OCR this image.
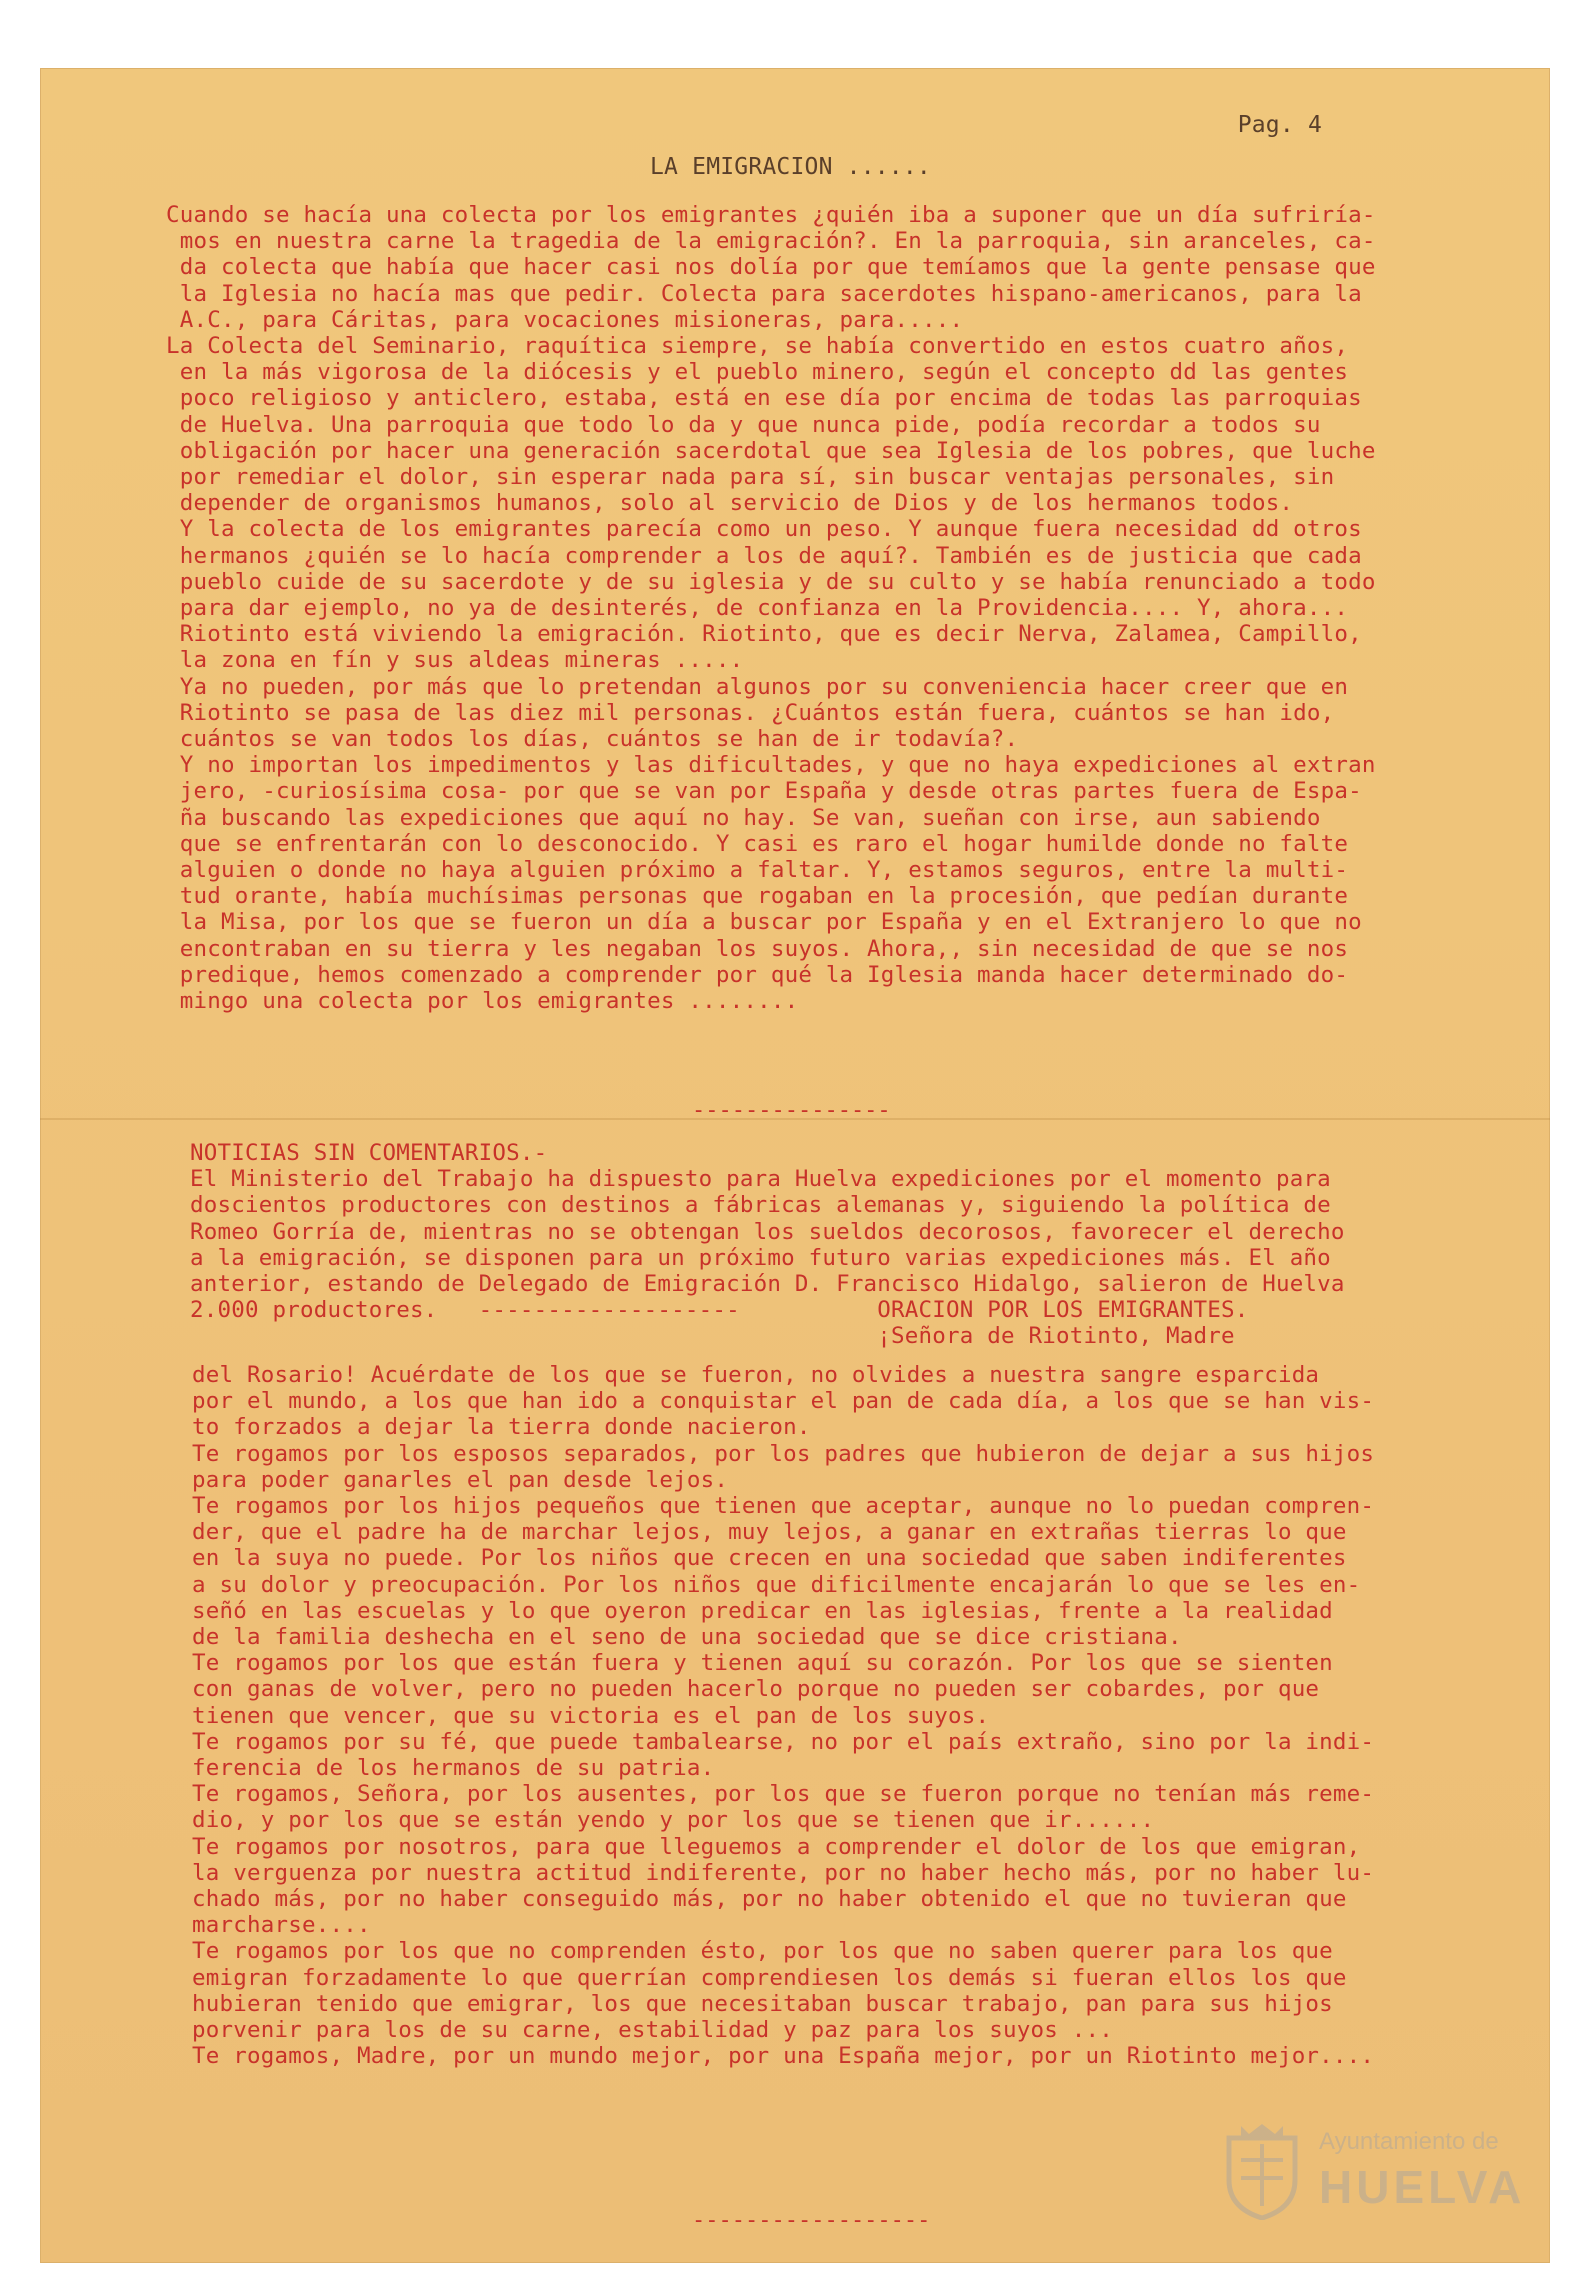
Pag. 4
LA EMIGRACION ......
Cuando se hacía una colecta por los emigrantes ¿quién iba a suponer que un día sufriría-
mos en nuestra carne la tragedia de la emigración?. En la parroquia, sin aranceles, ca-
da colecta que había que hacer casi nos dolía por que temíamos que la gente pensase que
la Iglesia no hacía mas que pedir. Colecta para sacerdotes hispano-americanos, para la
A.C., para Cáritas, para vocaciones misioneras, para.....
La Colecta del Seminario, raquítica siempre, se había convertido en estos cuatro años,
en la más vigorosa de la diócesis y el pueblo minero, según el concepto dd las gentes
poco religioso y anticlero, estaba, está en ese día por encima de todas las parroquias
de Huelva. Una parroquia que todo lo da y que nunca pide, podía recordar a todos su
obligación por hacer una generación sacerdotal que sea Iglesia de los pobres, que luche
por remediar el dolor, sin esperar nada para sí, sin buscar ventajas personales, sin
depender de organismos humanos, solo al servicio de Dios y de los hermanos todos.
Y la colecta de los emigrantes parecía como un peso. Y aunque fuera necesidad dd otros
hermanos ¿quién se lo hacía comprender a los de aquí?. También es de justicia que cada
pueblo cuide de su sacerdote y de su iglesia y de su culto y se había renunciado a todo
para dar ejemplo, no ya de desinterés, de confianza en la Providencia.... Y, ahora...
Riotinto está viviendo la emigración. Riotinto, que es decir Nerva, Zalamea, Campillo,
la zona en fín y sus aldeas mineras .....
Ya no pueden, por más que lo pretendan algunos por su conveniencia hacer creer que en
Riotinto se pasa de las diez mil personas. ¿Cuántos están fuera, cuántos se han ido,
cuántos se van todos los días, cuántos se han de ir todavía?.
Y no importan los impedimentos y las dificultades, y que no haya expediciones al extran
jero, -curiosísima cosa- por que se van por España y desde otras partes fuera de Espa-
ña buscando las expediciones que aquí no hay. Se van, sueñan con irse, aun sabiendo
que se enfrentarán con lo desconocido. Y casi es raro el hogar humilde donde no falte
alguien o donde no haya alguien próximo a faltar. Y, estamos seguros, entre la multi-
tud orante, había muchísimas personas que rogaban en la procesión, que pedían durante
la Misa, por los que se fueron un día a buscar por España y en el Extranjero lo que no
encontraban en su tierra y les negaban los suyos. Ahora,, sin necesidad de que se nos
predique, hemos comenzado a comprender por qué la Iglesia manda hacer determinado do-
mingo una colecta por los emigrantes ........
---------------
NOTICIAS SIN COMENTARIOS.-
El Ministerio del Trabajo ha dispuesto para Huelva expediciones por el momento para
doscientos productores con destinos a fábricas alemanas y, siguiendo la política de
Romeo Gorría de, mientras no se obtengan los sueldos decorosos, favorecer el derecho
a la emigración, se disponen para un próximo futuro varias expediciones más. El año
anterior, estando de Delegado de Emigración D. Francisco Hidalgo, salieron de Huelva
2.000 productores.   -------------------          ORACION POR LOS EMIGRANTES.
¡Señora de Riotinto, Madre
del Rosario! Acuérdate de los que se fueron, no olvides a nuestra sangre esparcida
por el mundo, a los que han ido a conquistar el pan de cada día, a los que se han vis-
to forzados a dejar la tierra donde nacieron.
Te rogamos por los esposos separados, por los padres que hubieron de dejar a sus hijos
para poder ganarles el pan desde lejos.
Te rogamos por los hijos pequeños que tienen que aceptar, aunque no lo puedan compren-
der, que el padre ha de marchar lejos, muy lejos, a ganar en extrañas tierras lo que
en la suya no puede. Por los niños que crecen en una sociedad que saben indiferentes
a su dolor y preocupación. Por los niños que dificilmente encajarán lo que se les en-
señó en las escuelas y lo que oyeron predicar en las iglesias, frente a la realidad
de la familia deshecha en el seno de una sociedad que se dice cristiana.
Te rogamos por los que están fuera y tienen aquí su corazón. Por los que se sienten
con ganas de volver, pero no pueden hacerlo porque no pueden ser cobardes, por que
tienen que vencer, que su victoria es el pan de los suyos.
Te rogamos por su fé, que puede tambalearse, no por el país extraño, sino por la indi-
ferencia de los hermanos de su patria.
Te rogamos, Señora, por los ausentes, por los que se fueron porque no tenían más reme-
dio, y por los que se están yendo y por los que se tienen que ir......
Te rogamos por nosotros, para que lleguemos a comprender el dolor de los que emigran,
la verguenza por nuestra actitud indiferente, por no haber hecho más, por no haber lu-
chado más, por no haber conseguido más, por no haber obtenido el que no tuvieran que
marcharse....
Te rogamos por los que no comprenden ésto, por los que no saben querer para los que
emigran forzadamente lo que querrían comprendiesen los demás si fueran ellos los que
hubieran tenido que emigrar, los que necesitaban buscar trabajo, pan para sus hijos
porvenir para los de su carne, estabilidad y paz para los suyos ...
Te rogamos, Madre, por un mundo mejor, por una España mejor, por un Riotinto mejor....
------------------
Ayuntamiento de
HUELVA
